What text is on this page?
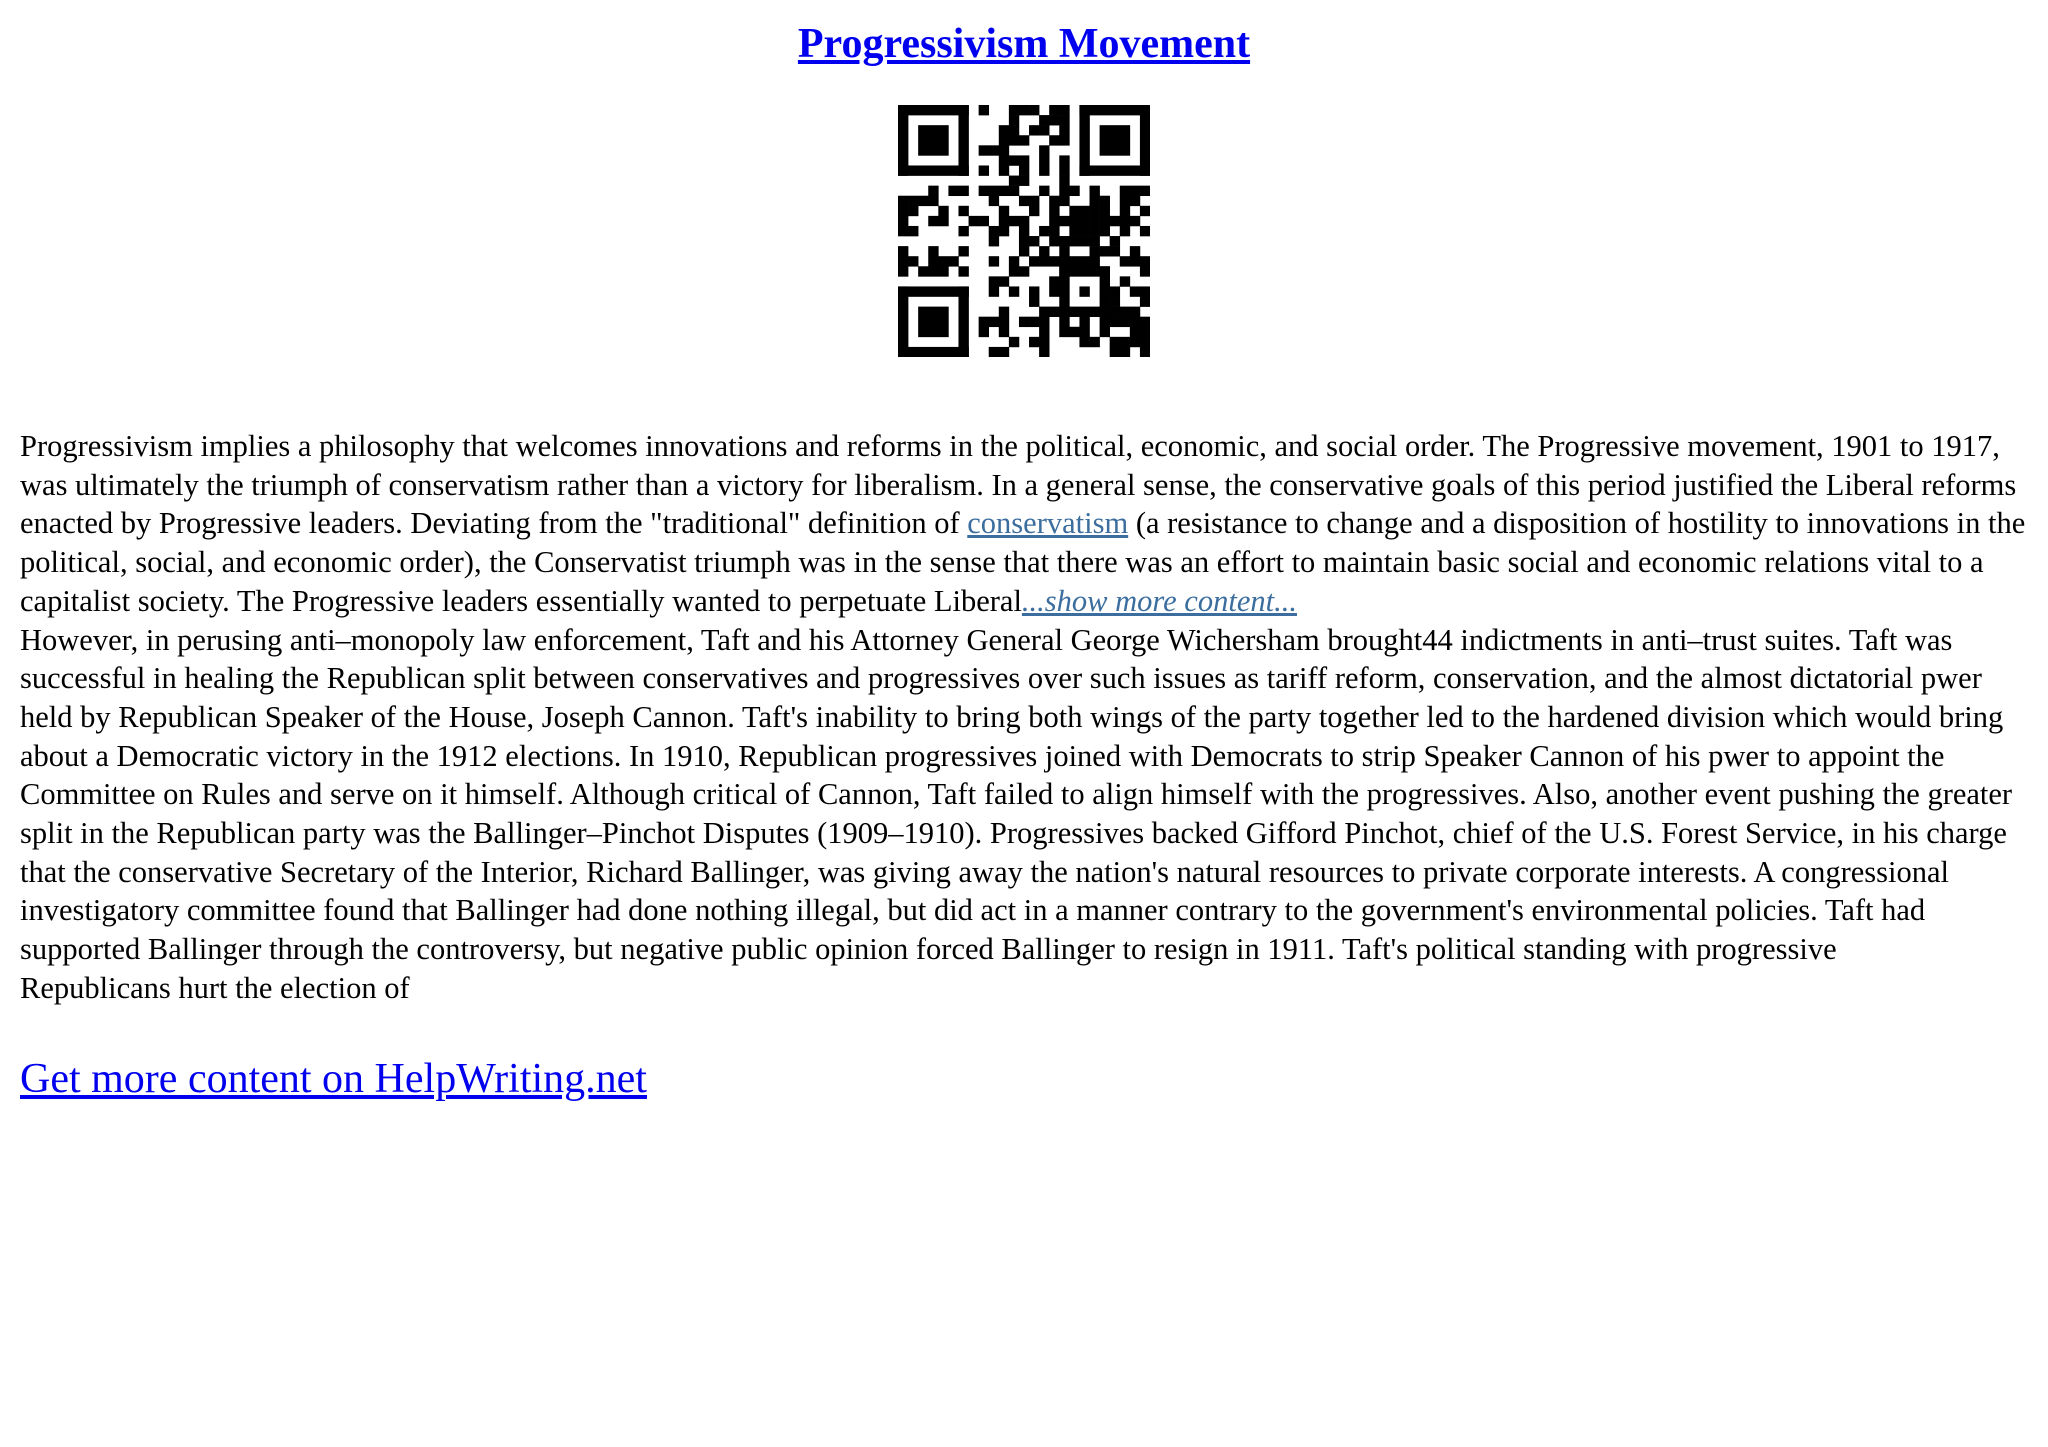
Progressivism Movement

Progressivism implies a philosophy that welcomes innovations and reforms in the political, economic, and social order. The Progressive movement, 1901 to 1917, was ultimately the triumph of conservatism rather than a victory for liberalism. In a general sense, the conservative goals of this period justified the Liberal reforms enacted by Progressive leaders. Deviating from the "traditional" definition of conservatism (a resistance to change and a disposition of hostility to innovations in the political, social, and economic order), the Conservatist triumph was in the sense that there was an effort to maintain basic social and economic relations vital to a capitalist society. The Progressive leaders essentially wanted to perpetuate Liberal...show more content...

However, in perusing anti–monopoly law enforcement, Taft and his Attorney General George Wichersham brought44 indictments in anti–trust suites. Taft was successful in healing the Republican split between conservatives and progressives over such issues as tariff reform, conservation, and the almost dictatorial pwer held by Republican Speaker of the House, Joseph Cannon. Taft's inability to bring both wings of the party together led to the hardened division which would bring about a Democratic victory in the 1912 elections. In 1910, Republican progressives joined with Democrats to strip Speaker Cannon of his pwer to appoint the Committee on Rules and serve on it himself. Although critical of Cannon, Taft failed to align himself with the progressives. Also, another event pushing the greater split in the Republican party was the Ballinger–Pinchot Disputes (1909–1910). Progressives backed Gifford Pinchot, chief of the U.S. Forest Service, in his charge that the conservative Secretary of the Interior, Richard Ballinger, was giving away the nation's natural resources to private corporate interests. A congressional investigatory committee found that Ballinger had done nothing illegal, but did act in a manner contrary to the government's environmental policies. Taft had supported Ballinger through the controversy, but negative public opinion forced Ballinger to resign in 1911. Taft's political standing with progressive
Republicans hurt the election of

Get more content on HelpWriting.net
